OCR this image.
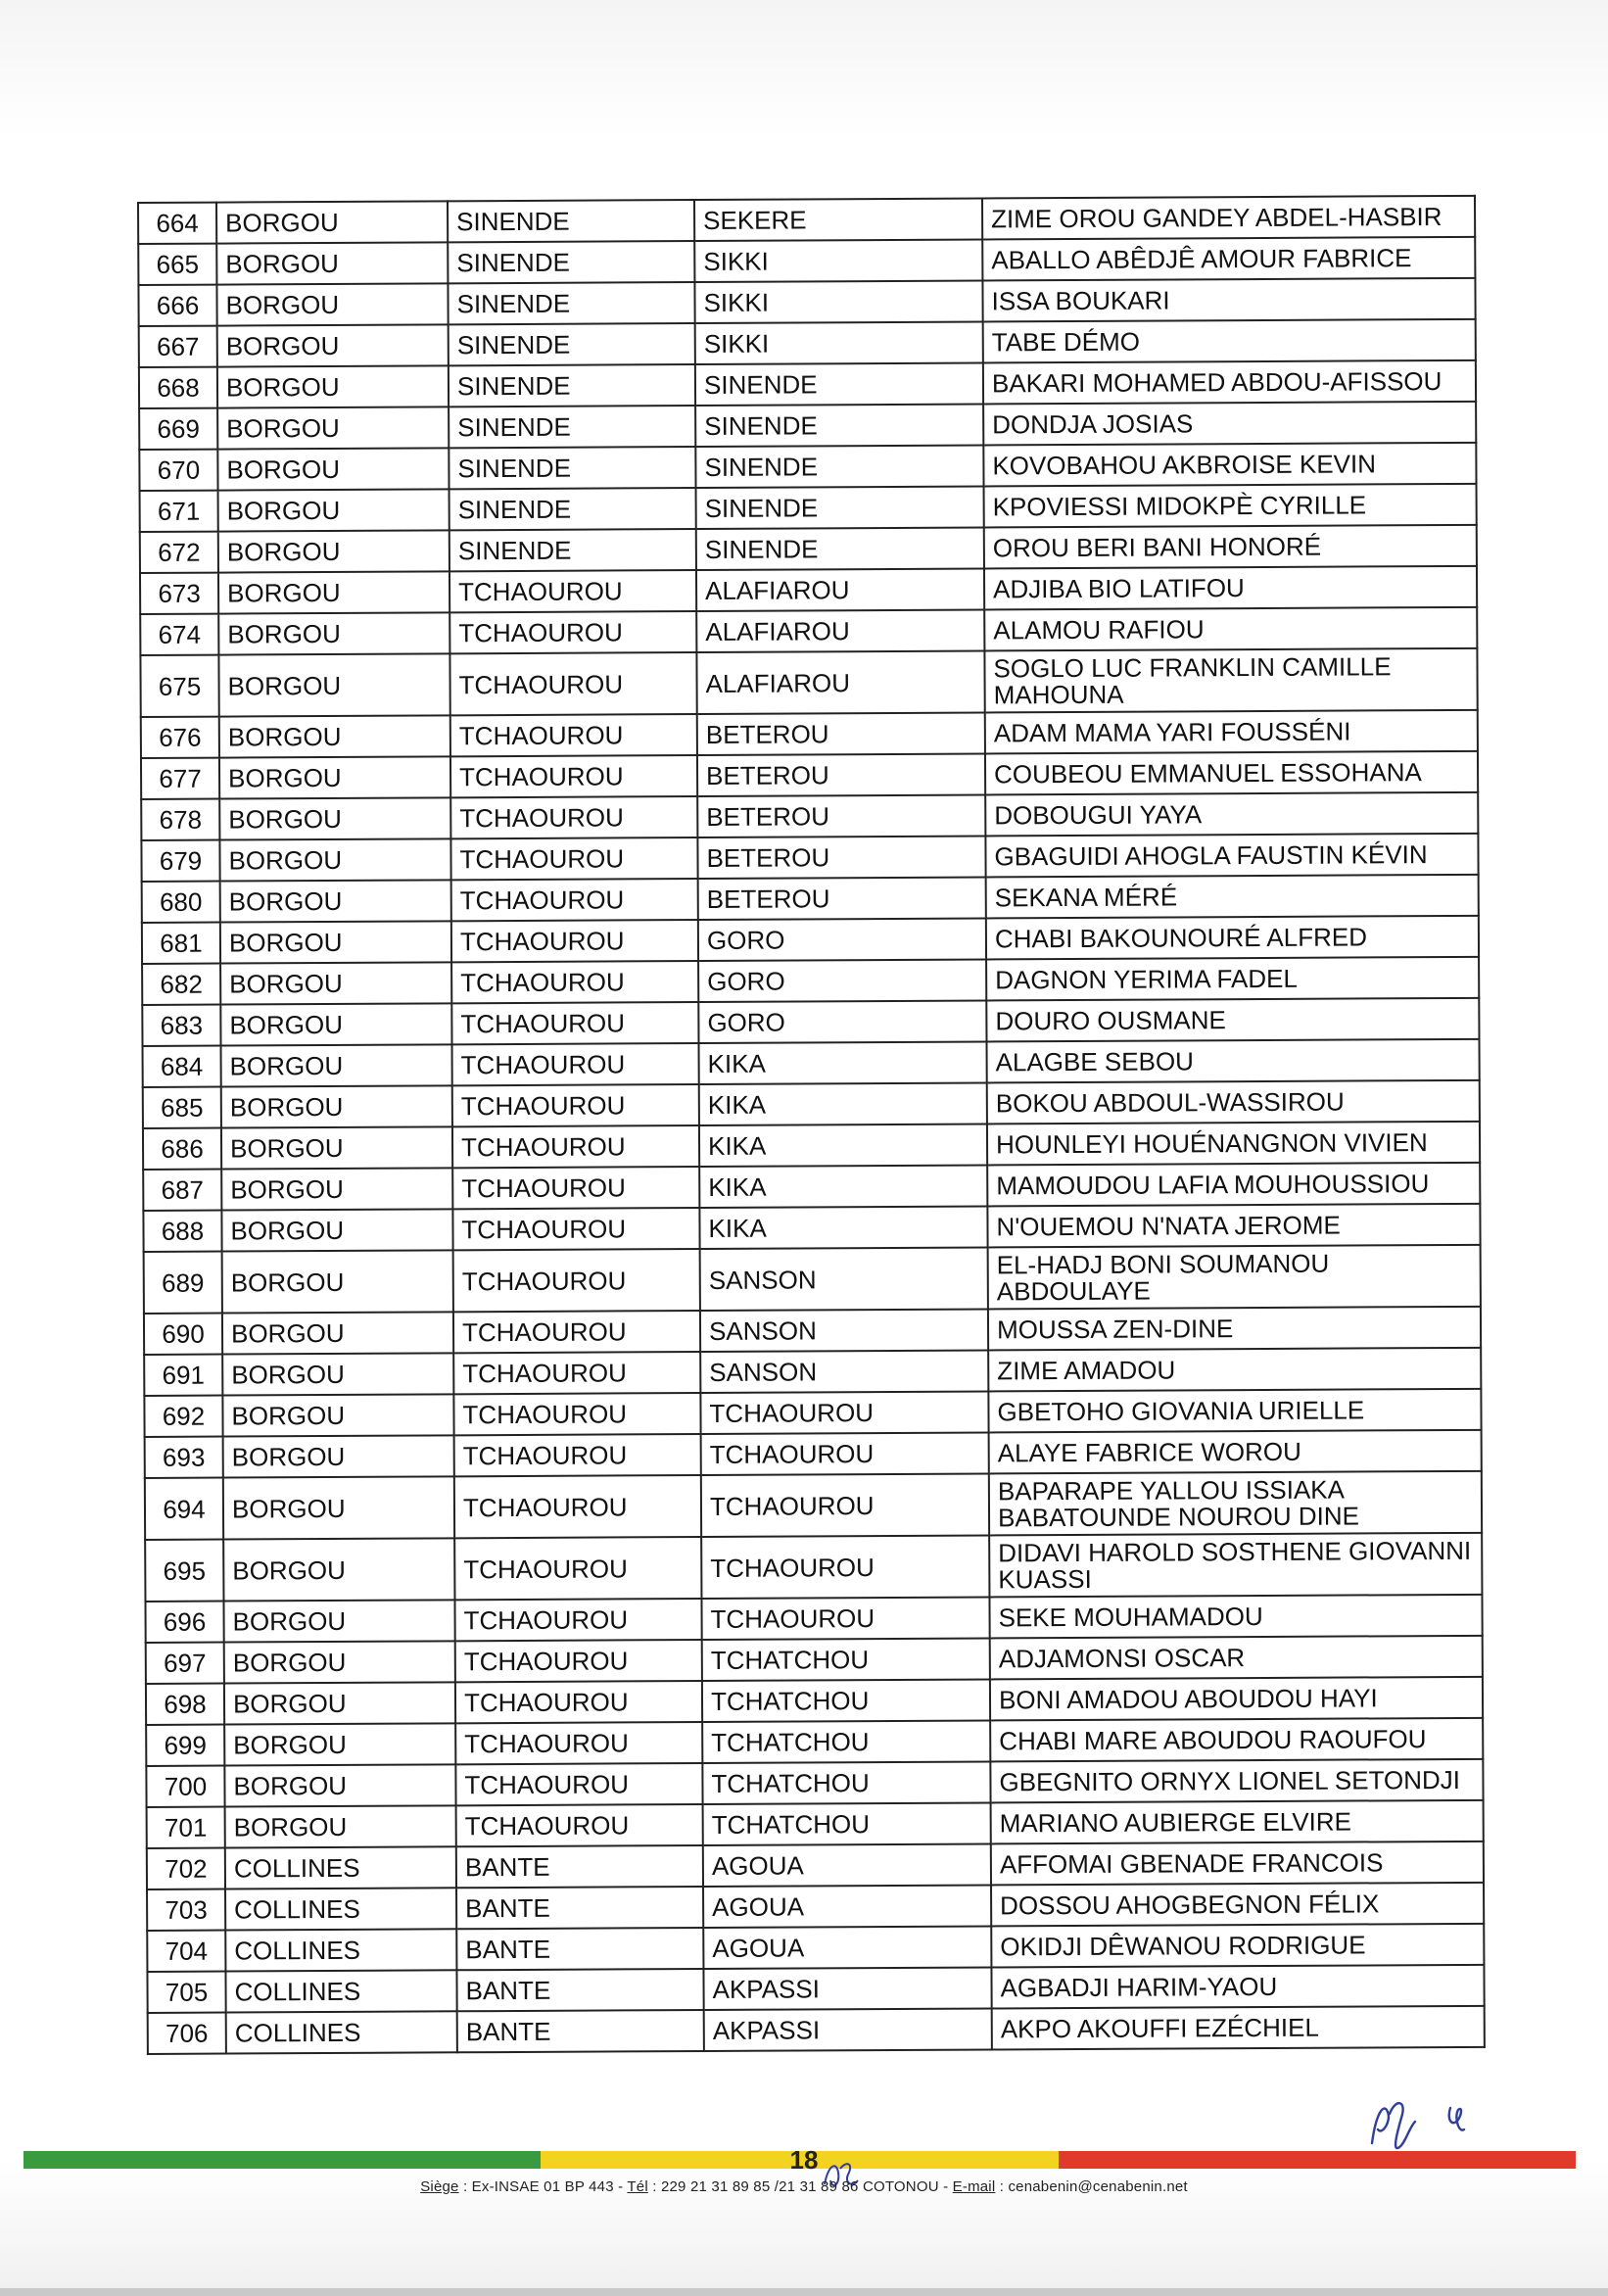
664	BORGOU	SINENDE	SEKERE	ZIME OROU GANDEY ABDEL-HASBIR
665	BORGOU	SINENDE	SIKKI	ABALLO ABÊDJÊ AMOUR FABRICE
666	BORGOU	SINENDE	SIKKI	ISSA BOUKARI
667	BORGOU	SINENDE	SIKKI	TABE DÉMO
668	BORGOU	SINENDE	SINENDE	BAKARI MOHAMED ABDOU-AFISSOU
669	BORGOU	SINENDE	SINENDE	DONDJA JOSIAS
670	BORGOU	SINENDE	SINENDE	KOVOBAHOU AKBROISE KEVIN
671	BORGOU	SINENDE	SINENDE	KPOVIESSI MIDOKPÈ CYRILLE
672	BORGOU	SINENDE	SINENDE	OROU BERI BANI HONORÉ
673	BORGOU	TCHAOUROU	ALAFIAROU	ADJIBA BIO LATIFOU
674	BORGOU	TCHAOUROU	ALAFIAROU	ALAMOU RAFIOU
675	BORGOU	TCHAOUROU	ALAFIAROU	SOGLO LUC FRANKLIN CAMILLE MAHOUNA
676	BORGOU	TCHAOUROU	BETEROU	ADAM MAMA YARI FOUSSÉNI
677	BORGOU	TCHAOUROU	BETEROU	COUBEOU EMMANUEL ESSOHANA
678	BORGOU	TCHAOUROU	BETEROU	DOBOUGUI YAYA
679	BORGOU	TCHAOUROU	BETEROU	GBAGUIDI AHOGLA FAUSTIN KÉVIN
680	BORGOU	TCHAOUROU	BETEROU	SEKANA MÉRÉ
681	BORGOU	TCHAOUROU	GORO	CHABI BAKOUNOURÉ ALFRED
682	BORGOU	TCHAOUROU	GORO	DAGNON YERIMA FADEL
683	BORGOU	TCHAOUROU	GORO	DOURO OUSMANE
684	BORGOU	TCHAOUROU	KIKA	ALAGBE SEBOU
685	BORGOU	TCHAOUROU	KIKA	BOKOU ABDOUL-WASSIROU
686	BORGOU	TCHAOUROU	KIKA	HOUNLEYI HOUÉNANGNON VIVIEN
687	BORGOU	TCHAOUROU	KIKA	MAMOUDOU LAFIA MOUHOUSSIOU
688	BORGOU	TCHAOUROU	KIKA	N'OUEMOU N'NATA JEROME
689	BORGOU	TCHAOUROU	SANSON	EL-HADJ BONI SOUMANOU ABDOULAYE
690	BORGOU	TCHAOUROU	SANSON	MOUSSA ZEN-DINE
691	BORGOU	TCHAOUROU	SANSON	ZIME AMADOU
692	BORGOU	TCHAOUROU	TCHAOUROU	GBETOHO GIOVANIA URIELLE
693	BORGOU	TCHAOUROU	TCHAOUROU	ALAYE FABRICE WOROU
694	BORGOU	TCHAOUROU	TCHAOUROU	BAPARAPE YALLOU ISSIAKA BABATOUNDE NOUROU DINE
695	BORGOU	TCHAOUROU	TCHAOUROU	DIDAVI HAROLD SOSTHENE GIOVANNI KUASSI
696	BORGOU	TCHAOUROU	TCHAOUROU	SEKE MOUHAMADOU
697	BORGOU	TCHAOUROU	TCHATCHOU	ADJAMONSI OSCAR
698	BORGOU	TCHAOUROU	TCHATCHOU	BONI AMADOU ABOUDOU HAYI
699	BORGOU	TCHAOUROU	TCHATCHOU	CHABI MARE ABOUDOU RAOUFOU
700	BORGOU	TCHAOUROU	TCHATCHOU	GBEGNITO ORNYX LIONEL SETONDJI
701	BORGOU	TCHAOUROU	TCHATCHOU	MARIANO AUBIERGE ELVIRE
702	COLLINES	BANTE	AGOUA	AFFOMAI GBENADE FRANCOIS
703	COLLINES	BANTE	AGOUA	DOSSOU AHOGBEGNON FÉLIX
704	COLLINES	BANTE	AGOUA	OKIDJI DÊWANOU RODRIGUE
705	COLLINES	BANTE	AKPASSI	AGBADJI HARIM-YAOU
706	COLLINES	BANTE	AKPASSI	AKPO AKOUFFI EZÉCHIEL
18
Siège : Ex-INSAE 01 BP 443 - Tél : 229 21 31 89 85 /21 31 89 86 COTONOU - E-mail : cenabenin@cenabenin.net
